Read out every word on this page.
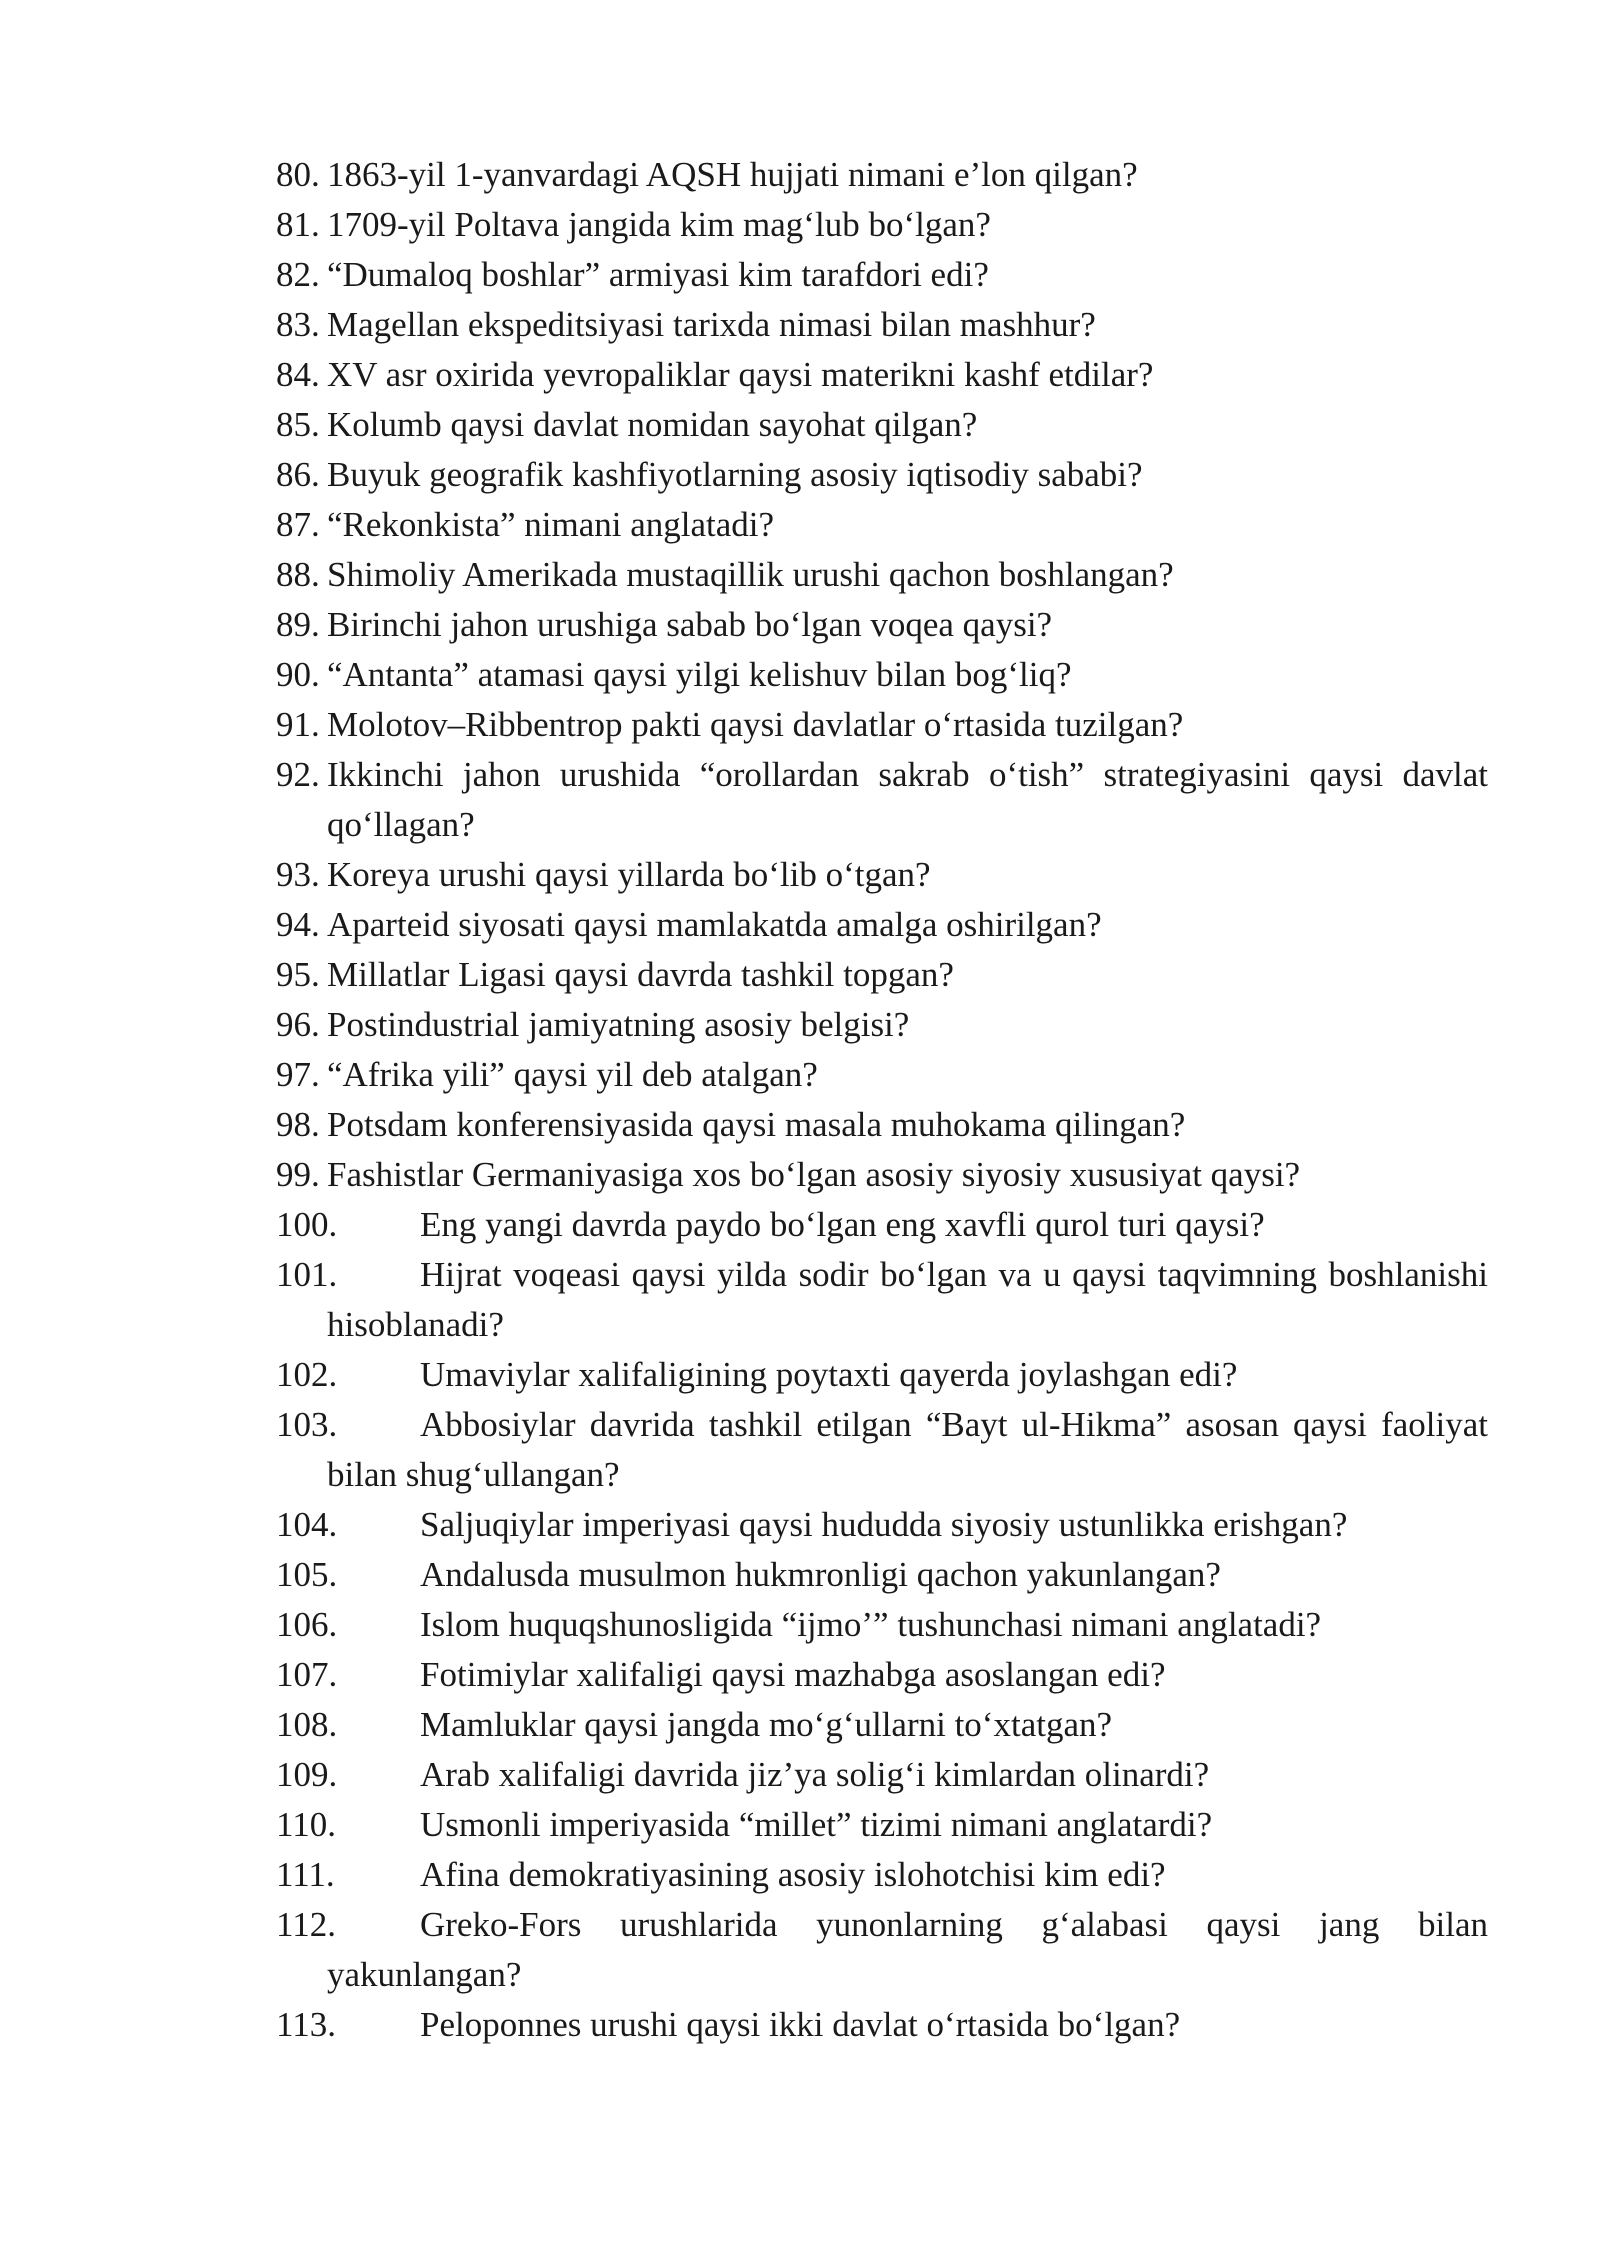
80. 1863-yil 1-yanvardagi AQSH hujjati nimani e’lon qilgan?
81. 1709-yil Poltava jangida kim mag‘lub bo‘lgan?
82. “Dumaloq boshlar” armiyasi kim tarafdori edi?
83. Magellan ekspeditsiyasi tarixda nimasi bilan mashhur?
84. XV asr oxirida yevropaliklar qaysi materikni kashf etdilar?
85. Kolumb qaysi davlat nomidan sayohat qilgan?
86. Buyuk geografik kashfiyotlarning asosiy iqtisodiy sababi?
87. “Rekonkista” nimani anglatadi?
88. Shimoliy Amerikada mustaqillik urushi qachon boshlangan?
89. Birinchi jahon urushiga sabab bo‘lgan voqea qaysi?
90. “Antanta” atamasi qaysi yilgi kelishuv bilan bog‘liq?
91. Molotov–Ribbentrop pakti qaysi davlatlar o‘rtasida tuzilgan?
92. Ikkinchi jahon urushida “orollardan sakrab o‘tish” strategiyasini qaysi davlat qo‘llagan?
93. Koreya urushi qaysi yillarda bo‘lib o‘tgan?
94. Aparteid siyosati qaysi mamlakatda amalga oshirilgan?
95. Millatlar Ligasi qaysi davrda tashkil topgan?
96. Postindustrial jamiyatning asosiy belgisi?
97. “Afrika yili” qaysi yil deb atalgan?
98. Potsdam konferensiyasida qaysi masala muhokama qilingan?
99. Fashistlar Germaniyasiga xos bo‘lgan asosiy siyosiy xususiyat qaysi?
100.	Eng yangi davrda paydo bo‘lgan eng xavfli qurol turi qaysi?
101.	Hijrat voqeasi qaysi yilda sodir bo‘lgan va u qaysi taqvimning boshlanishi hisoblanadi?
102.	Umaviylar xalifaligining poytaxti qayerda joylashgan edi?
103.	Abbosiylar davrida tashkil etilgan “Bayt ul-Hikma” asosan qaysi faoliyat bilan shug‘ullangan?
104.	Saljuqiylar imperiyasi qaysi hududda siyosiy ustunlikka erishgan?
105.	Andalusda musulmon hukmronligi qachon yakunlangan?
106.	Islom huquqshunosligida “ijmo’” tushunchasi nimani anglatadi?
107.	Fotimiylar xalifaligi qaysi mazhabga asoslangan edi?
108.	Mamluklar qaysi jangda mo‘g‘ullarni to‘xtatgan?
109.	Arab xalifaligi davrida jiz’ya solig‘i kimlardan olinardi?
110.	Usmonli imperiyasida “millet” tizimi nimani anglatardi?
111.	Afina demokratiyasining asosiy islohotchisi kim edi?
112.	Greko-Fors urushlarida yunonlarning g‘alabasi qaysi jang bilan yakunlangan?
113.	Peloponnes urushi qaysi ikki davlat o‘rtasida bo‘lgan?
